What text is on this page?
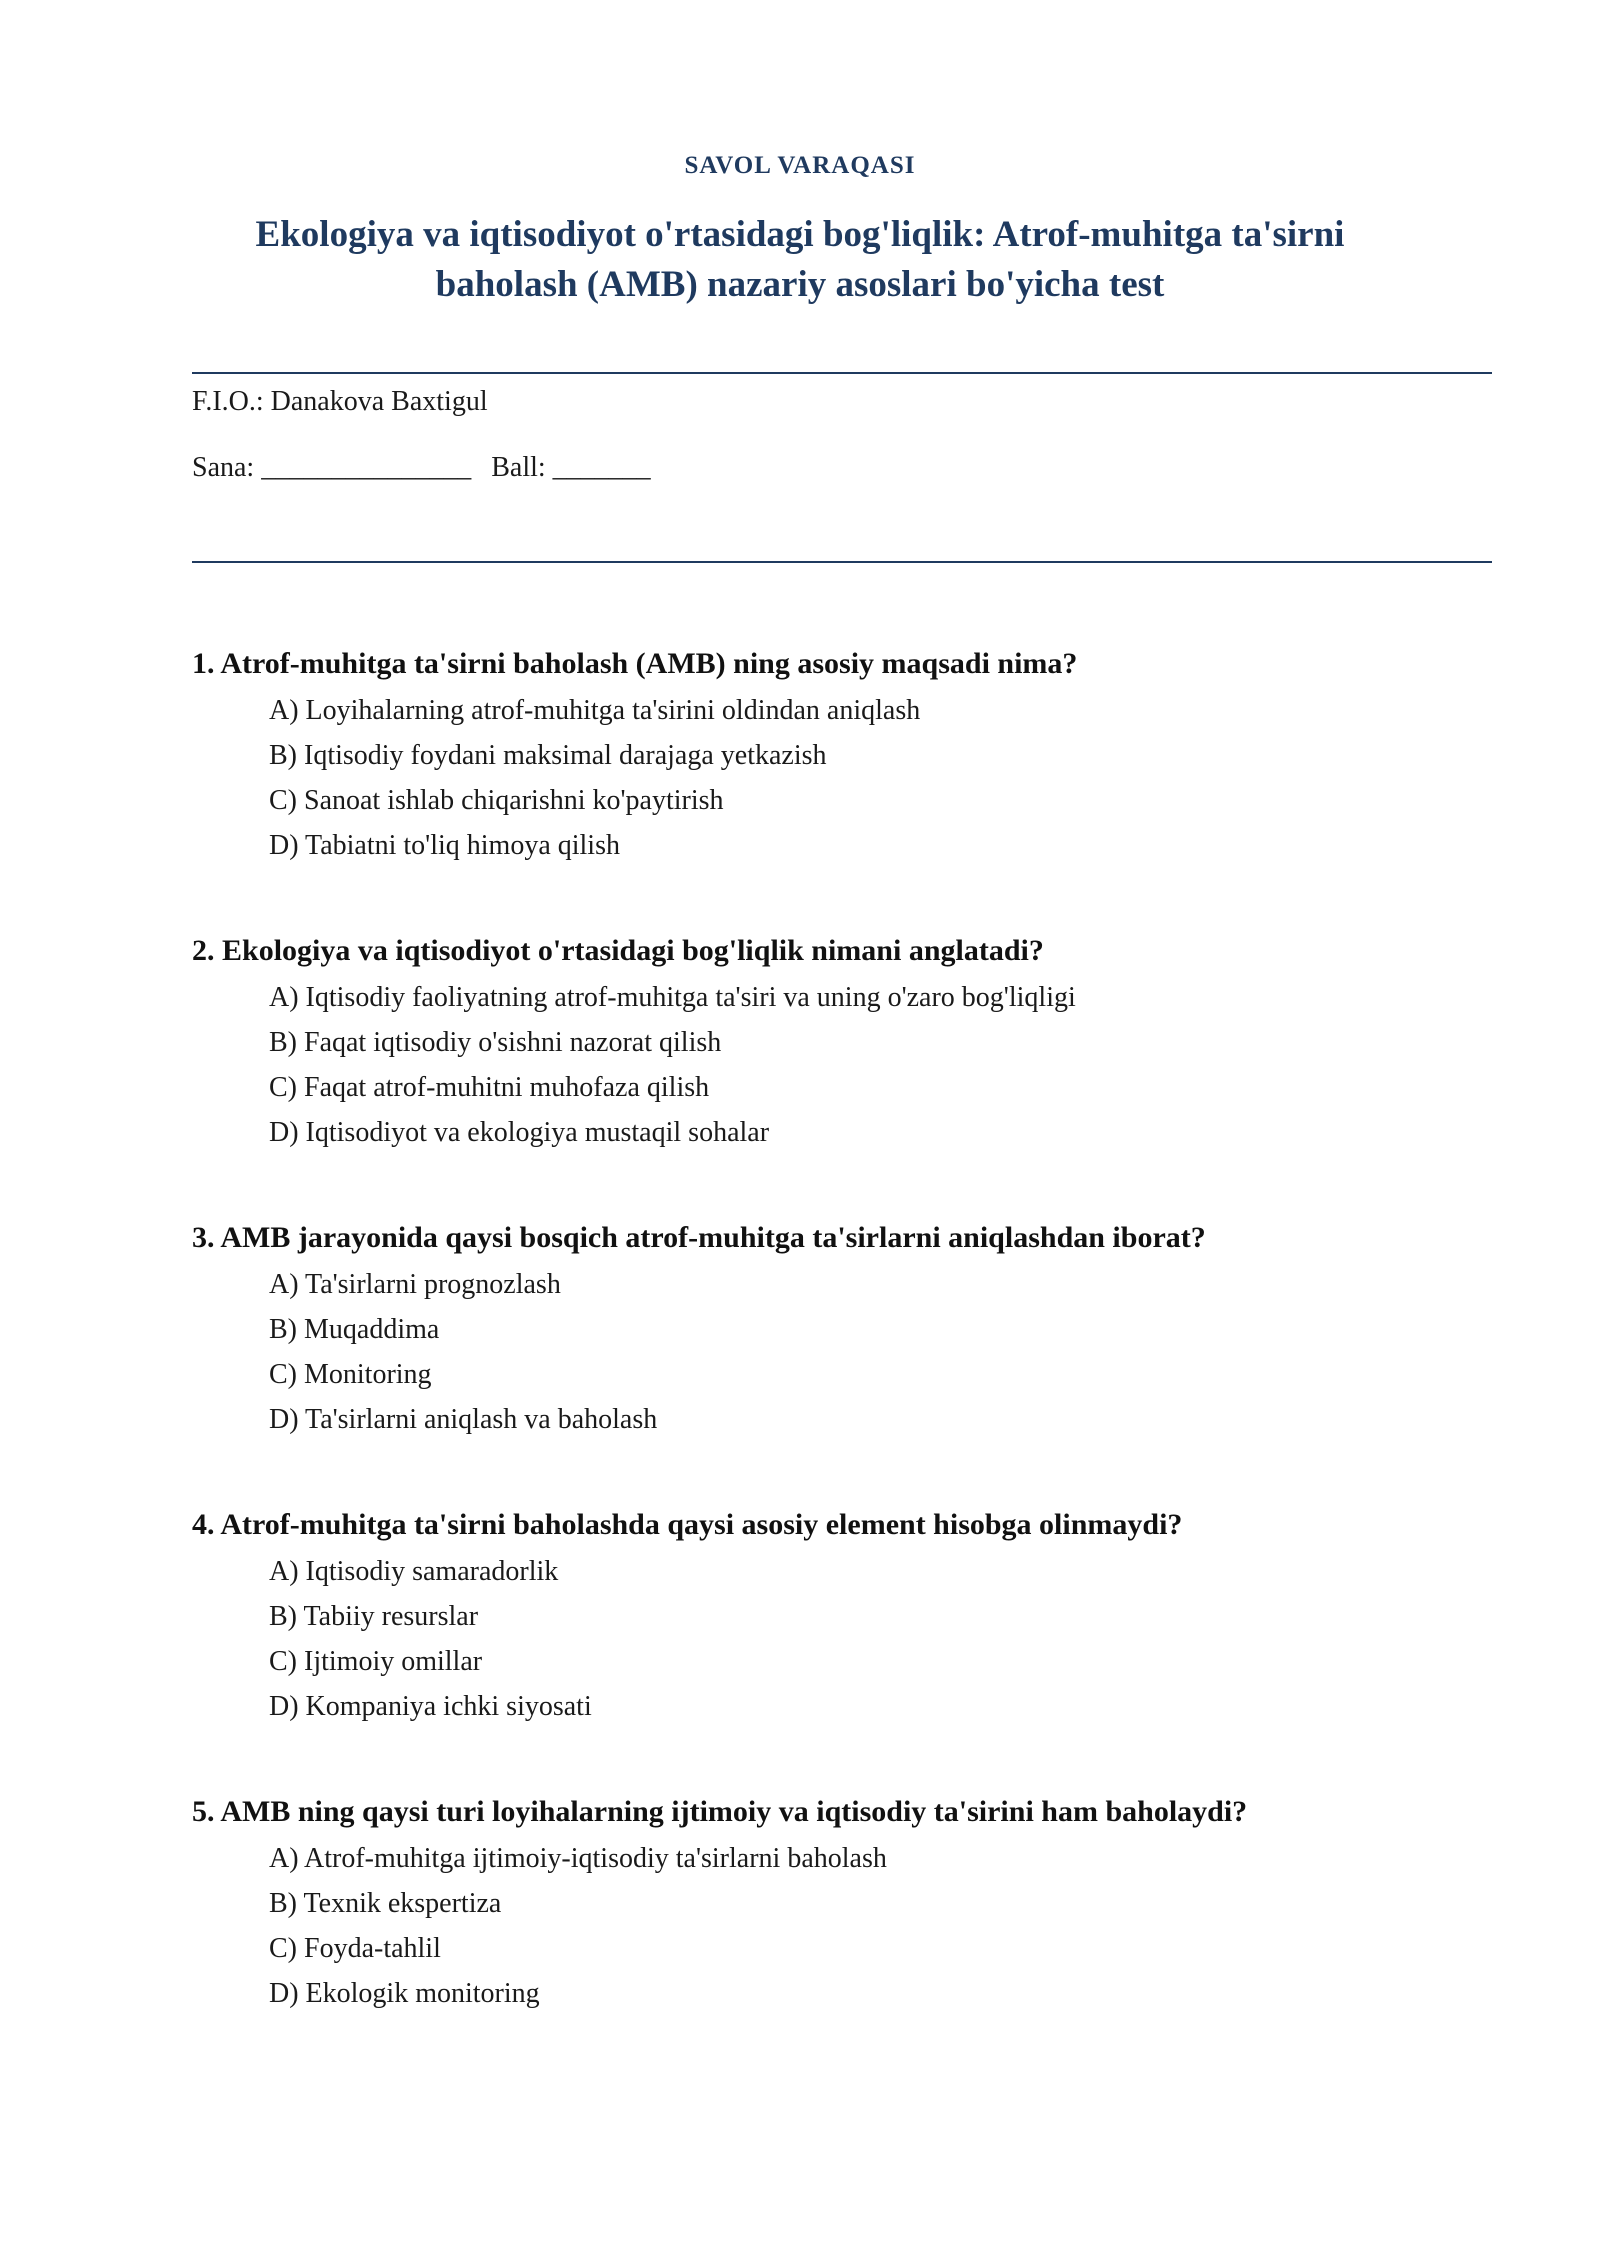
SAVOL VARAQASI
Ekologiya va iqtisodiyot o'rtasidagi bog'liqlik: Atrof-muhitga ta'sirni baholash (AMB) nazariy asoslari bo'yicha test
F.I.O.: Danakova Baxtigul
Sana: _______________ Ball: _______
1. Atrof-muhitga ta'sirni baholash (AMB) ning asosiy maqsadi nima?
A) Loyihalarning atrof-muhitga ta'sirini oldindan aniqlash
B) Iqtisodiy foydani maksimal darajaga yetkazish
C) Sanoat ishlab chiqarishni ko'paytirish
D) Tabiatni to'liq himoya qilish
2. Ekologiya va iqtisodiyot o'rtasidagi bog'liqlik nimani anglatadi?
A) Iqtisodiy faoliyatning atrof-muhitga ta'siri va uning o'zaro bog'liqligi
B) Faqat iqtisodiy o'sishni nazorat qilish
C) Faqat atrof-muhitni muhofaza qilish
D) Iqtisodiyot va ekologiya mustaqil sohalar
3. AMB jarayonida qaysi bosqich atrof-muhitga ta'sirlarni aniqlashdan iborat?
A) Ta'sirlarni prognozlash
B) Muqaddima
C) Monitoring
D) Ta'sirlarni aniqlash va baholash
4. Atrof-muhitga ta'sirni baholashda qaysi asosiy element hisobga olinmaydi?
A) Iqtisodiy samaradorlik
B) Tabiiy resurslar
C) Ijtimoiy omillar
D) Kompaniya ichki siyosati
5. AMB ning qaysi turi loyihalarning ijtimoiy va iqtisodiy ta'sirini ham baholaydi?
A) Atrof-muhitga ijtimoiy-iqtisodiy ta'sirlarni baholash
B) Texnik ekspertiza
C) Foyda-tahlil
D) Ekologik monitoring
